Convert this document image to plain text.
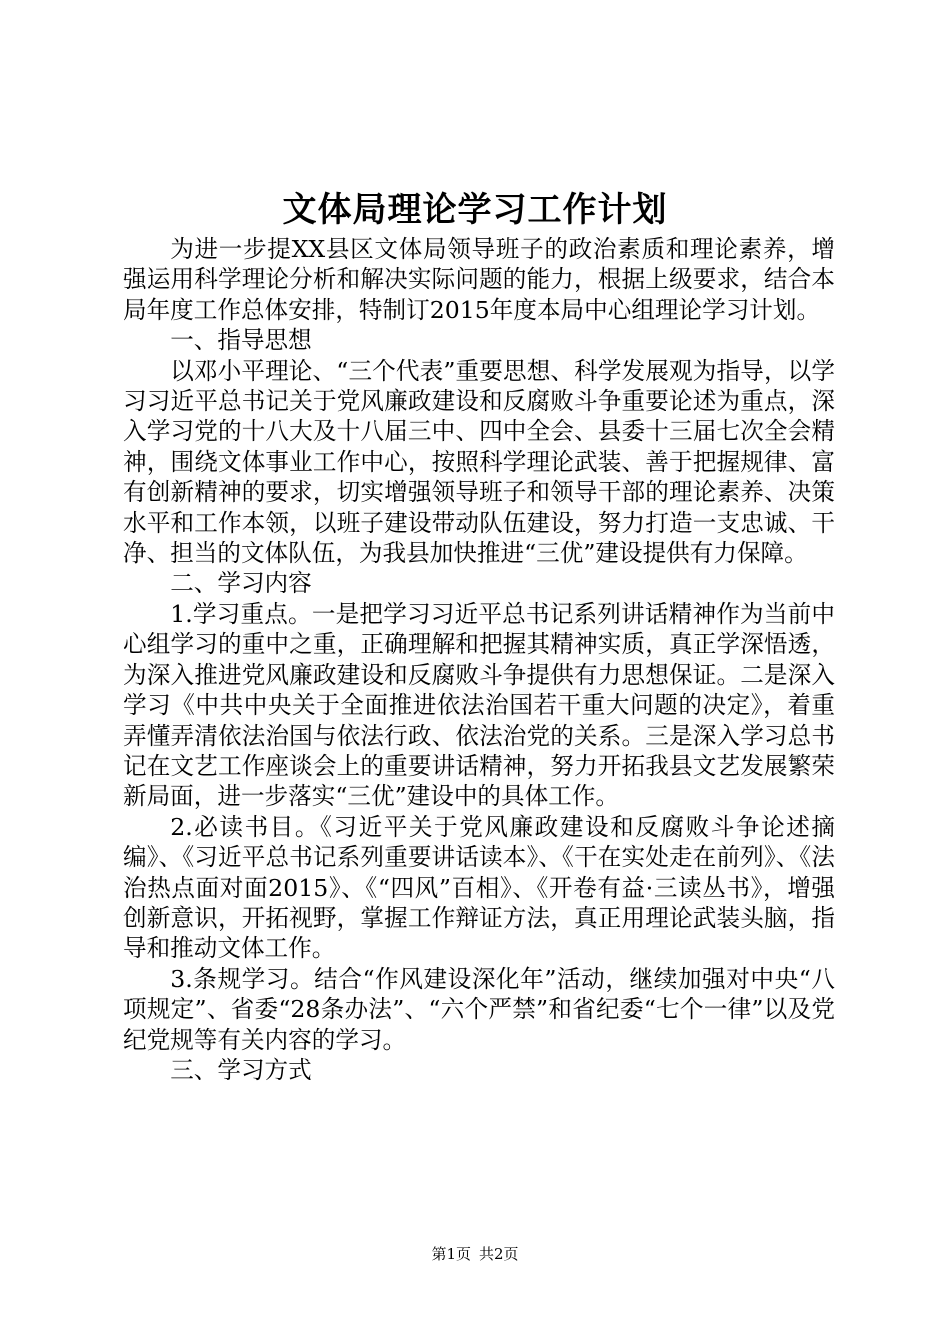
文体局理论学习工作计划

为进一步提XX县区文体局领导班子的政治素质和理论素养，增强运用科学理论分析和解决实际问题的能力，根据上级要求，结合本局年度工作总体安排，特制订2015年度本局中心组理论学习计划。

一、指导思想

以邓小平理论、“三个代表”重要思想、科学发展观为指导，以学习习近平总书记关于党风廉政建设和反腐败斗争重要论述为重点，深入学习党的十八大及十八届三中、四中全会、县委十三届七次全会精神，围绕文体事业工作中心，按照科学理论武装、善于把握规律、富有创新精神的要求，切实增强领导班子和领导干部的理论素养、决策水平和工作本领，以班子建设带动队伍建设，努力打造一支忠诚、干净、担当的文体队伍，为我县加快推进“三优”建设提供有力保障。

二、学习内容

1.学习重点。一是把学习习近平总书记系列讲话精神作为当前中心组学习的重中之重，正确理解和把握其精神实质，真正学深悟透，为深入推进党风廉政建设和反腐败斗争提供有力思想保证。二是深入学习《中共中央关于全面推进依法治国若干重大问题的决定》，着重弄懂弄清依法治国与依法行政、依法治党的关系。三是深入学习总书记在文艺工作座谈会上的重要讲话精神，努力开拓我县文艺发展繁荣新局面，进一步落实“三优”建设中的具体工作。

2.必读书目。《习近平关于党风廉政建设和反腐败斗争论述摘编》、《习近平总书记系列重要讲话读本》、《干在实处走在前列》、《法治热点面对面2015》、《“四风”百相》、《开卷有益·三读丛书》，增强创新意识，开拓视野，掌握工作辩证方法，真正用理论武装头脑，指导和推动文体工作。

3.条规学习。结合“作风建设深化年”活动，继续加强对中央“八项规定”、省委“28条办法”、“六个严禁”和省纪委“七个一律”以及党纪党规等有关内容的学习。

三、学习方式

第1页 共2页
